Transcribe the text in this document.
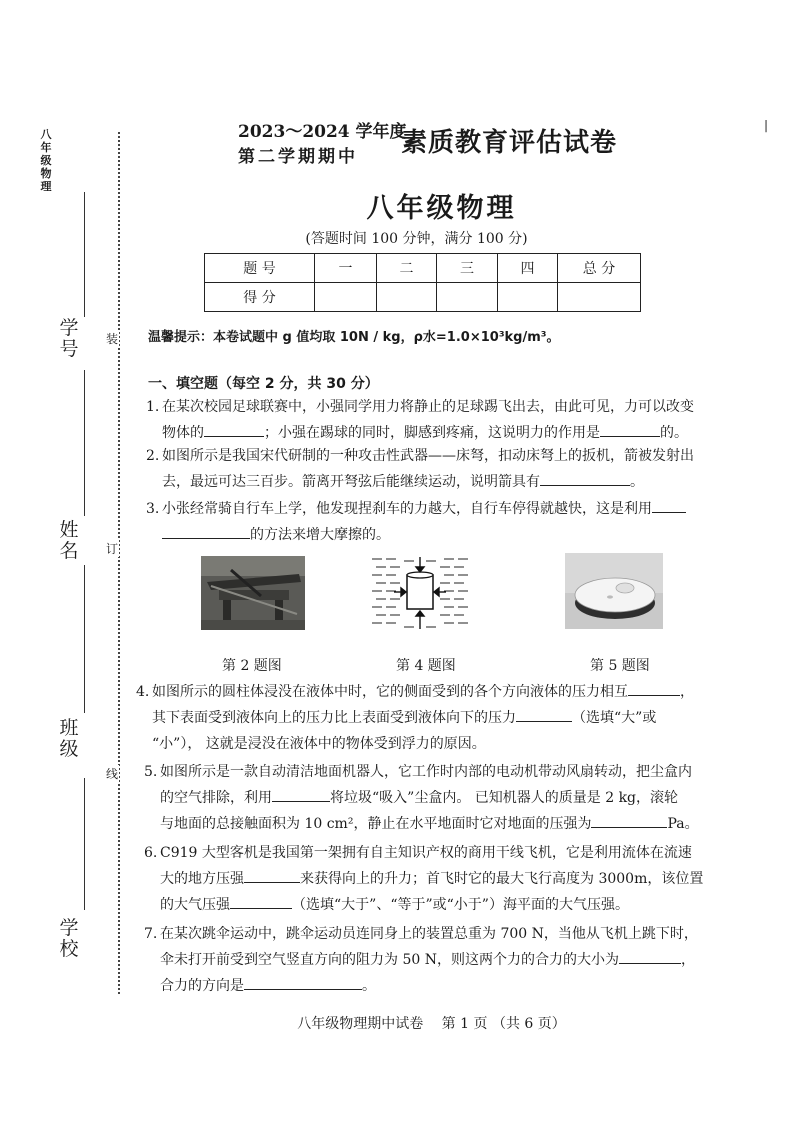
八年级物理
学号
姓名
班级
学校
装
订
线
2023～2024 学年度
第二学期期中 素质教育评估试卷
八年级物理
(答题时间 100 分钟，满分 100 分)
|
题 号	一	二	三	四	总 分
得 分					
温馨提示：本卷试题中 g 值均取 10N / kg，ρ水=1.0×10³kg/m³。
一、填空题（每空 2 分，共 30 分）
1. 在某次校园足球联赛中，小强同学用力将静止的足球踢飞出去，由此可见，力可以改变
物体的	；小强在踢球的同时，脚感到疼痛，这说明力的作用是	的。
2. 如图所示是我国宋代研制的一种攻击性武器——床弩，扣动床弩上的扳机，箭被发射出
去，最远可达三百步。箭离开弩弦后能继续运动，说明箭具有	。
3. 小张经常骑自行车上学，他发现捏刹车的力越大，自行车停得就越快，这是利用
的方法来增大摩擦的。
第 2 题图	第 4 题图	第 5 题图
4. 如图所示的圆柱体浸没在液体中时，它的侧面受到的各个方向液体的压力相互	，
其下表面受到液体向上的压力比上表面受到液体向下的压力	（选填“大”或
“小”）， 这就是浸没在液体中的物体受到浮力的原因。
5. 如图所示是一款自动清洁地面机器人，它工作时内部的电动机带动风扇转动，把尘盒内
的空气排除，利用	将垃圾“吸入”尘盒内。 已知机器人的质量是 2 kg，滚轮
与地面的总接触面积为 10 cm²，静止在水平地面时它对地面的压强为	Pa。
6. C919 大型客机是我国第一架拥有自主知识产权的商用干线飞机，它是利用流体在流速
大的地方压强	来获得向上的升力；首飞时它的最大飞行高度为 3000m，该位置
的大气压强	（选填“大于”、“等于”或“小于”）海平面的大气压强。
7. 在某次跳伞运动中，跳伞运动员连同身上的装置总重为 700 N，当他从飞机上跳下时，
伞未打开前受到空气竖直方向的阻力为 50 N，则这两个力的合力的大小为	，
合力的方向是	。
八年级物理期中试卷　 第 1 页 （共 6 页）
